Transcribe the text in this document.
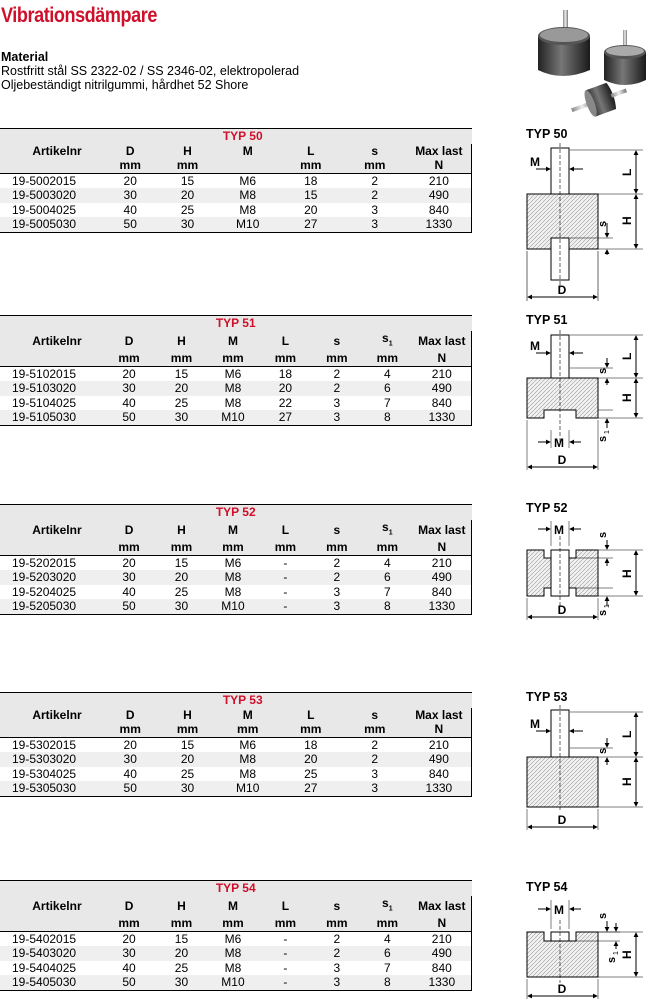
Vibrationsdämpare
Material
Rostfritt stål SS 2322-02 / SS 2346-02, elektropolerad
Oljebeständigt nitrilgummi, hårdhet 52 Shore
TYP 50						
Artikelnr	D	H	M	L	s	Max last
	mm	mm		mm	mm	N
19-5002015	20	15	M6	18	2	210
19-5003020	30	20	M8	15	2	490
19-5004025	40	25	M8	20	3	840
19-5005030	50	30	M10	27	3	1330
TYP 51							
Artikelnr	D	H	M	L	s	$s_1$	Max last
	mm	mm	mm	mm	mm	mm	N
19-5102015	20	15	M6	18	2	4	210
19-5103020	30	20	M8	20	2	6	490
19-5104025	40	25	M8	22	3	7	840
19-5105030	50	30	M10	27	3	8	1330
TYP 52							
Artikelnr	D	H	M	L	s	$s_1$	Max last
	mm	mm	mm	mm	mm	mm	N
19-5202015	20	15	M6	-	2	4	210
19-5203020	30	20	M8	-	2	6	490
19-5204025	40	25	M8	-	3	7	840
19-5205030	50	30	M10	-	3	8	1330
TYP 53						
Artikelnr	D	H	M	L	s	Max last
	mm	mm	mm	mm	mm	N
19-5302015	20	15	M6	18	2	210
19-5303020	30	20	M8	20	2	490
19-5304025	40	25	M8	25	3	840
19-5305030	50	30	M10	27	3	1330
TYP 54							
Artikelnr	D	H	M	L	s	$s_1$	Max last
	mm	mm	mm	mm	mm	mm	N
19-5402015	20	15	M6	-	2	4	210
19-5403020	30	20	M8	-	2	6	490
19-5404025	40	25	M8	-	3	7	840
19-5405030	50	30	M10	-	3	8	1330
TYP 50
TYP 51
TYP 52
TYP 53
TYP 54
D
M
L
H
s
M
D
M
L
H
s
s
1
M
D
H
s
s
1
D
M
L
H
s
M
D
H
s
s
1
